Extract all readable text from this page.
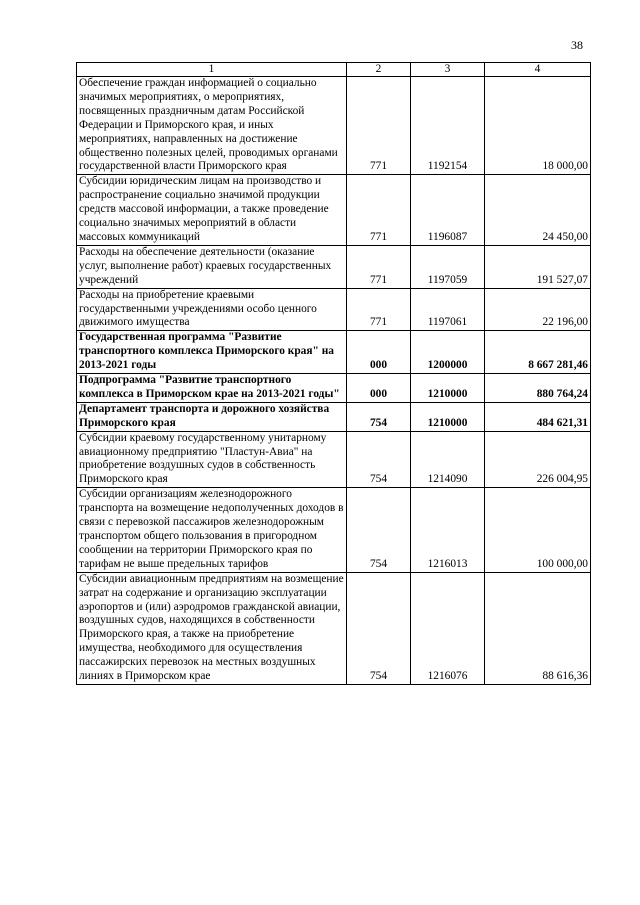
38
1	2	3	4
Обеспечение граждан информацией о социально значимых мероприятиях, о мероприятиях, посвященных праздничным датам Российской Федерации и Приморского края, и иных мероприятиях, направленных на достижение общественно полезных целей, проводимых органами государственной власти Приморского края	771	1192154	18 000,00
Субсидии юридическим лицам на производство и распространение социально значимой продукции средств массовой информации, а также проведение социально значимых мероприятий в области массовых коммуникаций	771	1196087	24 450,00
Расходы на обеспечение деятельности (оказание услуг, выполнение работ) краевых государственных учреждений	771	1197059	191 527,07
Расходы на приобретение краевыми государственными учреждениями особо ценного движимого имущества	771	1197061	22 196,00
Государственная программа "Развитие транспортного комплекса Приморского края" на 2013-2021 годы	000	1200000	8 667 281,46
Подпрограмма "Развитие транспортного комплекса в Приморском крае на 2013-2021 годы"	000	1210000	880 764,24
Департамент транспорта и дорожного хозяйства Приморского края	754	1210000	484 621,31
Субсидии краевому государственному унитарному авиационному предприятию "Пластун-Авиа" на приобретение воздушных судов в собственность Приморского края	754	1214090	226 004,95
Субсидии организациям железнодорожного транспорта на возмещение недополученных доходов в связи с перевозкой пассажиров железнодорожным транспортом общего пользования в пригородном сообщении на территории Приморского края по тарифам не выше предельных тарифов	754	1216013	100 000,00
Субсидии авиационным предприятиям на возмещение затрат на содержание и организацию эксплуатации аэропортов и (или) аэродромов гражданской авиации, воздушных судов, находящихся в собственности Приморского края, а также на приобретение имущества, необходимого для осуществления пассажирских перевозок на местных воздушных линиях в Приморском крае	754	1216076	88 616,36
